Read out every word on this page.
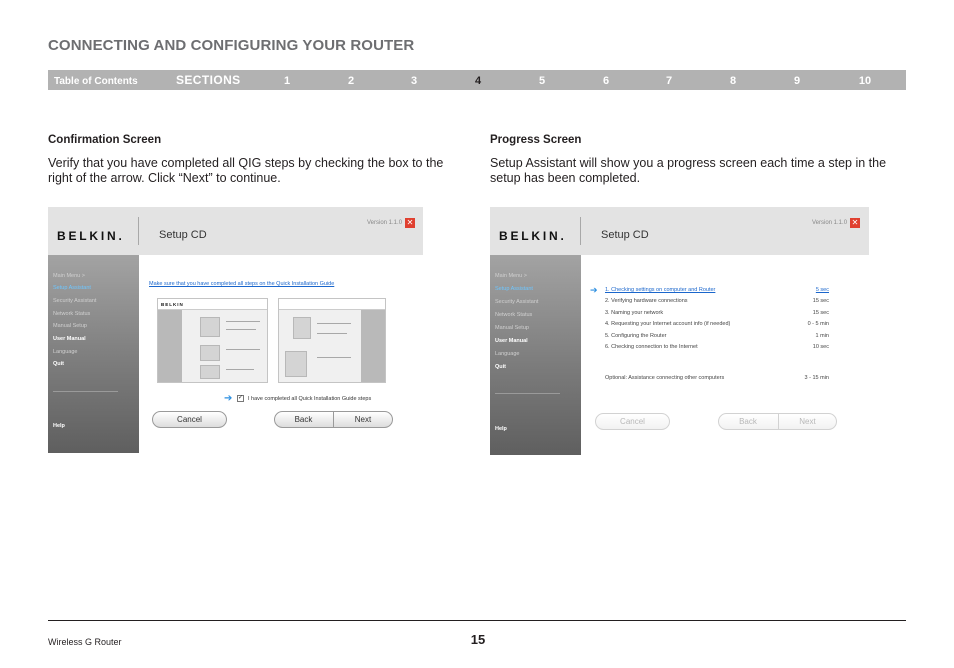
CONNECTING AND CONFIGURING YOUR ROUTER
Table of Contents	SECTIONS	1	2	3	4	5	6	7	8	9	10
Confirmation Screen
Verify that you have completed all QIG steps by checking the box to the right of the arrow. Click “Next” to continue.
Progress Screen
Setup Assistant will show you a progress screen each time a step in the setup has been completed.
BELKIN.	Setup CD
Version 1.1.0 ✕
Main Menu >
Setup Assistant
Security Assistant
Network Status
Manual Setup
User Manual
Language
Quit
Help
Make sure that you have completed all steps on the Quick Installation Guide
BELKIN
➔ ✓ I have completed all Quick Installation Guide steps
Cancel	Back	Next
BELKIN.	Setup CD
Version 1.1.0 ✕
Main Menu >
Setup Assistant
Security Assistant
Network Status
Manual Setup
User Manual
Language
Quit
Help
➔ 1. Checking settings on computer and Router	5 sec
2. Verifying hardware connections	15 sec
3. Naming your network	15 sec
4. Requesting your Internet account info (if needed)	0 - 5 min
5. Configuring the Router	1 min
6. Checking connection to the Internet	10 sec
Optional: Assistance connecting other computers	3 - 15 min
Cancel	Back	Next
Wireless G Router	15
